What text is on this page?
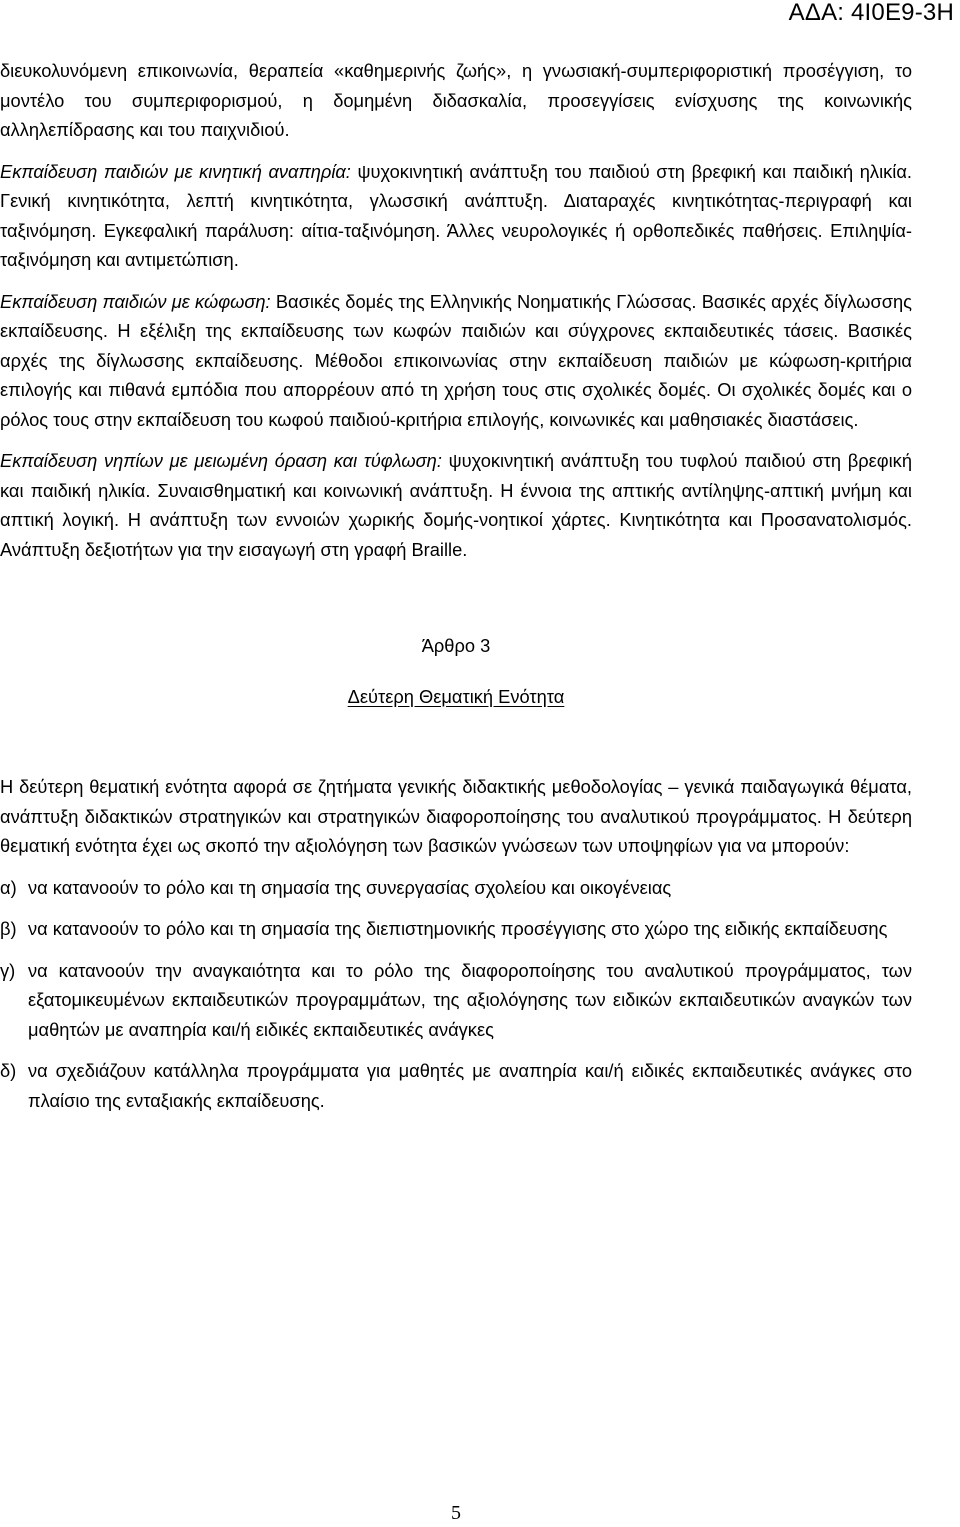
ΑΔΑ: 4Ι0Ε9-3Η

διευκολυνόμενη επικοινωνία, θεραπεία «καθημερινής ζωής», η γνωσιακή-συμπεριφοριστική προσέγγιση, το μοντέλο του συμπεριφορισμού, η δομημένη διδασκαλία, προσεγγίσεις ενίσχυσης της κοινωνικής αλληλεπίδρασης και του παιχνιδιού.

Εκπαίδευση παιδιών με κινητική αναπηρία: ψυχοκινητική ανάπτυξη του παιδιού στη βρεφική και παιδική ηλικία. Γενική κινητικότητα, λεπτή κινητικότητα, γλωσσική ανάπτυξη. Διαταραχές κινητικότητας-περιγραφή και ταξινόμηση. Εγκεφαλική παράλυση: αίτια-ταξινόμηση. Άλλες νευρολογικές ή ορθοπεδικές παθήσεις. Επιληψία-ταξινόμηση και αντιμετώπιση.

Εκπαίδευση παιδιών με κώφωση: Βασικές δομές της Ελληνικής Νοηματικής Γλώσσας. Βασικές αρχές δίγλωσσης εκπαίδευσης. Η εξέλιξη της εκπαίδευσης των κωφών παιδιών και σύγχρονες εκπαιδευτικές τάσεις. Βασικές αρχές της δίγλωσσης εκπαίδευσης. Μέθοδοι επικοινωνίας στην εκπαίδευση παιδιών με κώφωση-κριτήρια επιλογής και πιθανά εμπόδια που απορρέουν από τη χρήση τους στις σχολικές δομές. Οι σχολικές δομές και ο ρόλος τους στην εκπαίδευση του κωφού παιδιού-κριτήρια επιλογής, κοινωνικές και μαθησιακές διαστάσεις.

Εκπαίδευση νηπίων με μειωμένη όραση και τύφλωση: ψυχοκινητική ανάπτυξη του τυφλού παιδιού στη βρεφική και παιδική ηλικία. Συναισθηματική και κοινωνική ανάπτυξη. Η έννοια της απτικής αντίληψης-απτική μνήμη και απτική λογική. Η ανάπτυξη των εννοιών χωρικής δομής-νοητικοί χάρτες. Κινητικότητα και Προσανατολισμός. Ανάπτυξη δεξιοτήτων για την εισαγωγή στη γραφή Braille.

Άρθρο 3

Δεύτερη Θεματική Ενότητα

Η δεύτερη θεματική ενότητα αφορά σε ζητήματα γενικής διδακτικής μεθοδολογίας – γενικά παιδαγωγικά θέματα, ανάπτυξη διδακτικών στρατηγικών και στρατηγικών διαφοροποίησης του αναλυτικού προγράμματος. Η δεύτερη θεματική ενότητα έχει ως σκοπό την αξιολόγηση των βασικών γνώσεων των υποψηφίων για να μπορούν:

α) να κατανοούν το ρόλο και τη σημασία της συνεργασίας σχολείου και οικογένειας
β) να κατανοούν το ρόλο και τη σημασία της διεπιστημονικής προσέγγισης στο χώρο της ειδικής εκπαίδευσης
γ) να κατανοούν την αναγκαιότητα και το ρόλο της διαφοροποίησης του αναλυτικού προγράμματος, των εξατομικευμένων εκπαιδευτικών προγραμμάτων, της αξιολόγησης των ειδικών εκπαιδευτικών αναγκών των μαθητών με αναπηρία και/ή ειδικές εκπαιδευτικές ανάγκες
δ) να σχεδιάζουν κατάλληλα προγράμματα για μαθητές με αναπηρία και/ή ειδικές εκπαιδευτικές ανάγκες στο πλαίσιο της ενταξιακής εκπαίδευσης.
5
